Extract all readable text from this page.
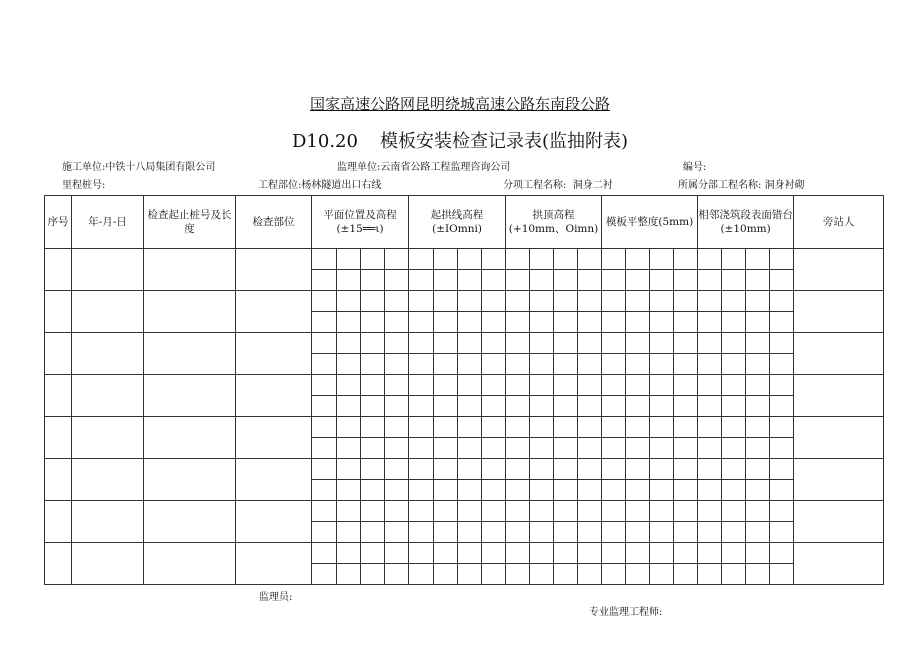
国家高速公路网昆明绕城高速公路东南段公路
D10.20 模板安装检查记录表(监抽附表)
施工单位:中铁十八局集团有限公司	监理单位:云南省公路工程监理咨询公司	编号:
里程桩号:	工程部位:杨林隧道出口右线	分项工程名称: 洞身二衬	所属分部工程名称: 洞身衬砌
序号	年-月-日	检查起止桩号及长度	检查部位	平面位置及高程(±15══ι)				起拱线高程(±IOmni)				拱顶高程(+10mm、Oimn)				模板平整度(5mm)				相邻浇筑段表面错台(±10mm)				旁站人

监理员:
专业监理工程师:
